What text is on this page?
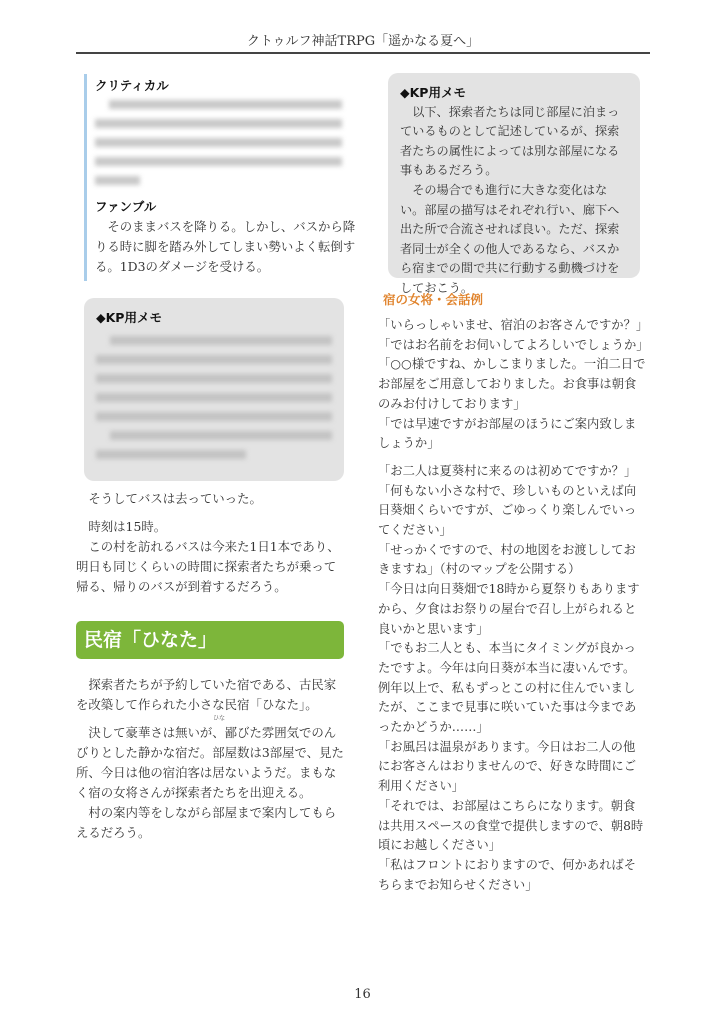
クトゥルフ神話TRPG「遥かなる夏へ」
クリティカル
ファンブル

そのままバスを降りる。しかし、バスから降りる時に脚を踏み外してしまい勢いよく転倒する。1D3のダメージを受ける。

◆KP用メモ

そうしてバスは去っていった。

時刻は15時。

この村を訪れるバスは今来た1日1本であり、明日も同じくらいの時間に探索者たちが乗って帰る、帰りのバスが到着するだろう。

民宿「ひなた」

探索者たちが予約していた宿である、古民家を改築して作られた小さな民宿「ひなた」。

決して豪華さは無いが、鄙びた雰囲気でのんびりとした静かな宿だ。部屋数は3部屋で、見た所、今日は他の宿泊客は居ないようだ。まもなく宿の女将さんが探索者たちを出迎える。

村の案内等をしながら部屋まで案内してもらえるだろう。

ひな
◆KP用メモ

以下、探索者たちは同じ部屋に泊まっているものとして記述しているが、探索者たちの属性によっては別な部屋になる事もあるだろう。

その場合でも進行に大きな変化はない。部屋の描写はそれぞれ行い、廊下へ出た所で合流させれば良い。ただ、探索者同士が全くの他人であるなら、バスから宿までの間で共に行動する動機づけをしておこう。

宿の女将・会話例

「いらっしゃいませ、宿泊のお客さんですか？」

「ではお名前をお伺いしてよろしいでしょうか」

「○○様ですね、かしこまりました。一泊二日でお部屋をご用意しておりました。お食事は朝食のみお付けしております」

「では早速ですがお部屋のほうにご案内致しましょうか」

「お二人は夏葵村に来るのは初めてですか？」

「何もない小さな村で、珍しいものといえば向日葵畑くらいですが、ごゆっくり楽しんでいってください」

「せっかくですので、村の地図をお渡ししておきますね」（村のマップを公開する）

「今日は向日葵畑で18時から夏祭りもありますから、夕食はお祭りの屋台で召し上がられると良いかと思います」

「でもお二人とも、本当にタイミングが良かったですよ。今年は向日葵が本当に凄いんです。例年以上で、私もずっとこの村に住んでいましたが、ここまで見事に咲いていた事は今まであったかどうか……」

「お風呂は温泉があります。今日はお二人の他にお客さんはおりませんので、好きな時間にご利用ください」

「それでは、お部屋はこちらになります。朝食は共用スペースの食堂で提供しますので、朝8時頃にお越しください」

「私はフロントにおりますので、何かあればそちらまでお知らせください」

16
